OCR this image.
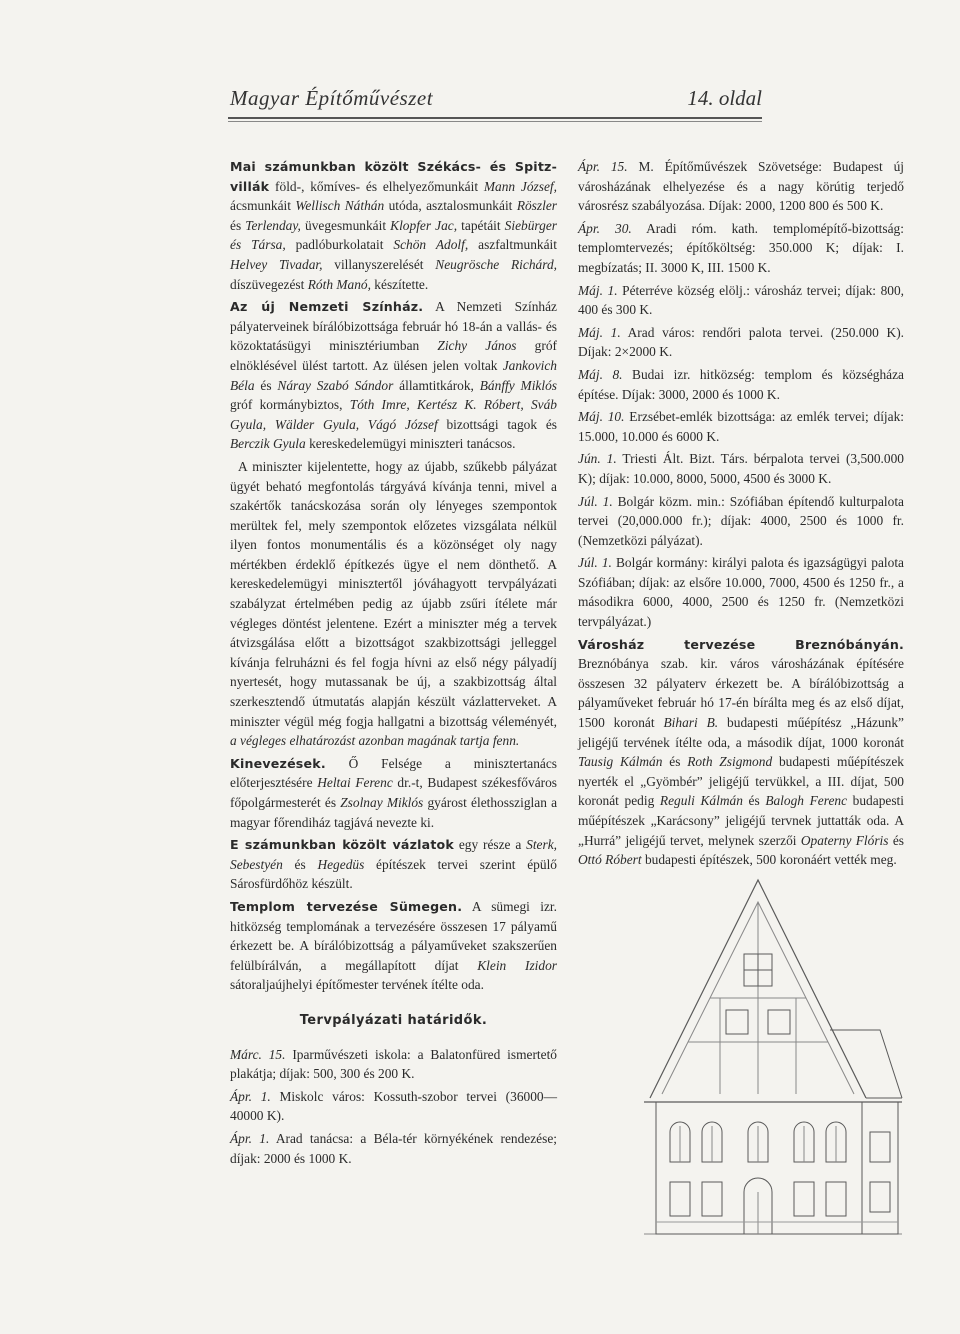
Magyar Építőművészet	14. oldal

Mai számunkban közölt Székács- és Spitz-villák föld-, kőmíves- és elhelyezőmunkáit Mann József, ácsmunkáit Wellisch Náthán utóda, asztalosmunkáit Röszler és Terlenday, üvegesmunkáit Klopfer Jac, tapétáit Siebürger és Társa, padlóburkolatait Schön Adolf, aszfaltmunkáit Helvey Tivadar, villanyszerelését Neugrösche Richárd, díszüvegezést Róth Manó, készítette.

Az új Nemzeti Színház. A Nemzeti Színház pályaterveinek bírálóbizottsága február hó 18-án a vallás- és közoktatásügyi minisztériumban Zichy János gróf elnöklésével ülést tartott. Az ülésen jelen voltak Jankovich Béla és Náray Szabó Sándor államtitkárok, Bánffy Miklós gróf kormánybiztos, Tóth Imre, Kertész K. Róbert, Sváb Gyula, Wälder Gyula, Vágó József bizottsági tagok és Berczik Gyula kereskedelemügyi miniszteri tanácsos.

A miniszter kijelentette, hogy az újabb, szűkebb pályázat ügyét beható megfontolás tárgyává kívánja tenni, mivel a szakértők tanácskozása során oly lényeges szempontok merültek fel, mely szempontok előzetes vizsgálata nélkül ilyen fontos monumentális és a közönséget oly nagy mértékben érdeklő építkezés ügye el nem dönthető. A kereskedelemügyi minisztertől jóváhagyott tervpályázati szabályzat értelmében pedig az újabb zsűri ítélete már végleges döntést jelentene. Ezért a miniszter még a tervek átvizsgálása előtt a bizottságot szakbizottsági jelleggel kívánja felruházni és fel fogja hívni az első négy pályadíj nyertesét, hogy mutassanak be új, a szakbizottság által szerkesztendő útmutatás alapján készült vázlatterveket. A miniszter végül még fogja hallgatni a bizottság véleményét, a végleges elhatározást azonban magának tartja fenn.

Kinevezések. Ő Felsége a minisztertanács előterjesztésére Heltai Ferenc dr.-t, Budapest székesfőváros főpolgármesterét és Zsolnay Miklós gyárost élethossziglan a magyar főrendiház tagjává nevezte ki.

E számunkban közölt vázlatok egy része a Sterk, Sebestyén és Hegedüs építészek tervei szerint épülő Sárosfürdőhöz készült.

Templom tervezése Sümegen. A sümegi izr. hitközség templomának a tervezésére összesen 17 pályamű érkezett be. A bírálóbizottság a pályaműveket szakszerűen felülbírálván, a megállapított díjat Klein Izidor sátoraljaújhelyi építőmester tervének ítélte oda.

Tervpályázati határidők.

Márc. 15. Iparművészeti iskola: a Balatonfüred ismertető plakátja; díjak: 500, 300 és 200 K.

Ápr. 1. Miskolc város: Kossuth-szobor tervei (36000—40000 K).

Ápr. 1. Arad tanácsa: a Béla-tér környékének rendezése; díjak: 2000 és 1000 K.

Ápr. 15. M. Építőművészek Szövetsége: Budapest új városházának elhelyezése és a nagy körútig terjedő városrész szabályozása. Díjak: 2000, 1200 800 és 500 K.

Ápr. 30. Aradi róm. kath. templomépítő-bizottság: templomtervezés; építőköltség: 350.000 K; díjak: I. megbízatás; II. 3000 K, III. 1500 K.

Máj. 1. Péterréve község elölj.: városház tervei; díjak: 800, 400 és 300 K.

Máj. 1. Arad város: rendőri palota tervei. (250.000 K). Díjak: 2×2000 K.

Máj. 8. Budai izr. hitközség: templom és községháza építése. Díjak: 3000, 2000 és 1000 K.

Máj. 10. Erzsébet-emlék bizottsága: az emlék tervei; díjak: 15.000, 10.000 és 6000 K.

Jún. 1. Triesti Ált. Bizt. Társ. bérpalota tervei (3,500.000 K); díjak: 10.000, 8000, 5000, 4500 és 3000 K.

Júl. 1. Bolgár közm. min.: Szófiában építendő kulturpalota tervei (20,000.000 fr.); díjak: 4000, 2500 és 1000 fr. (Nemzetközi pályázat).

Júl. 1. Bolgár kormány: királyi palota és igazságügyi palota Szófiában; díjak: az elsőre 10.000, 7000, 4500 és 1250 fr., a másodikra 6000, 4000, 2500 és 1250 fr. (Nemzetközi tervpályázat.)

Városház tervezése Breznóbányán. Breznóbánya szab. kir. város városházának építésére összesen 32 pályaterv érkezett be. A bírálóbizottság a pályaműveket február hó 17-én bírálta meg és az első díjat, 1500 koronát Bihari B. budapesti műépítész „Házunk” jeligéjű tervének ítélte oda, a második díjat, 1000 koronát Tausig Kálmán és Roth Zsigmond budapesti műépítészek nyerték el „Gyömbér” jeligéjű tervükkel, a III. díjat, 500 koronát pedig Reguli Kálmán és Balogh Ferenc budapesti műépítészek „Karácsony” jeligéjű tervnek juttatták oda. A „Hurrá” jeligéjű tervet, melynek szerzői Opaterny Flóris és Ottó Róbert budapesti építészek, 500 koronáért vették meg.
